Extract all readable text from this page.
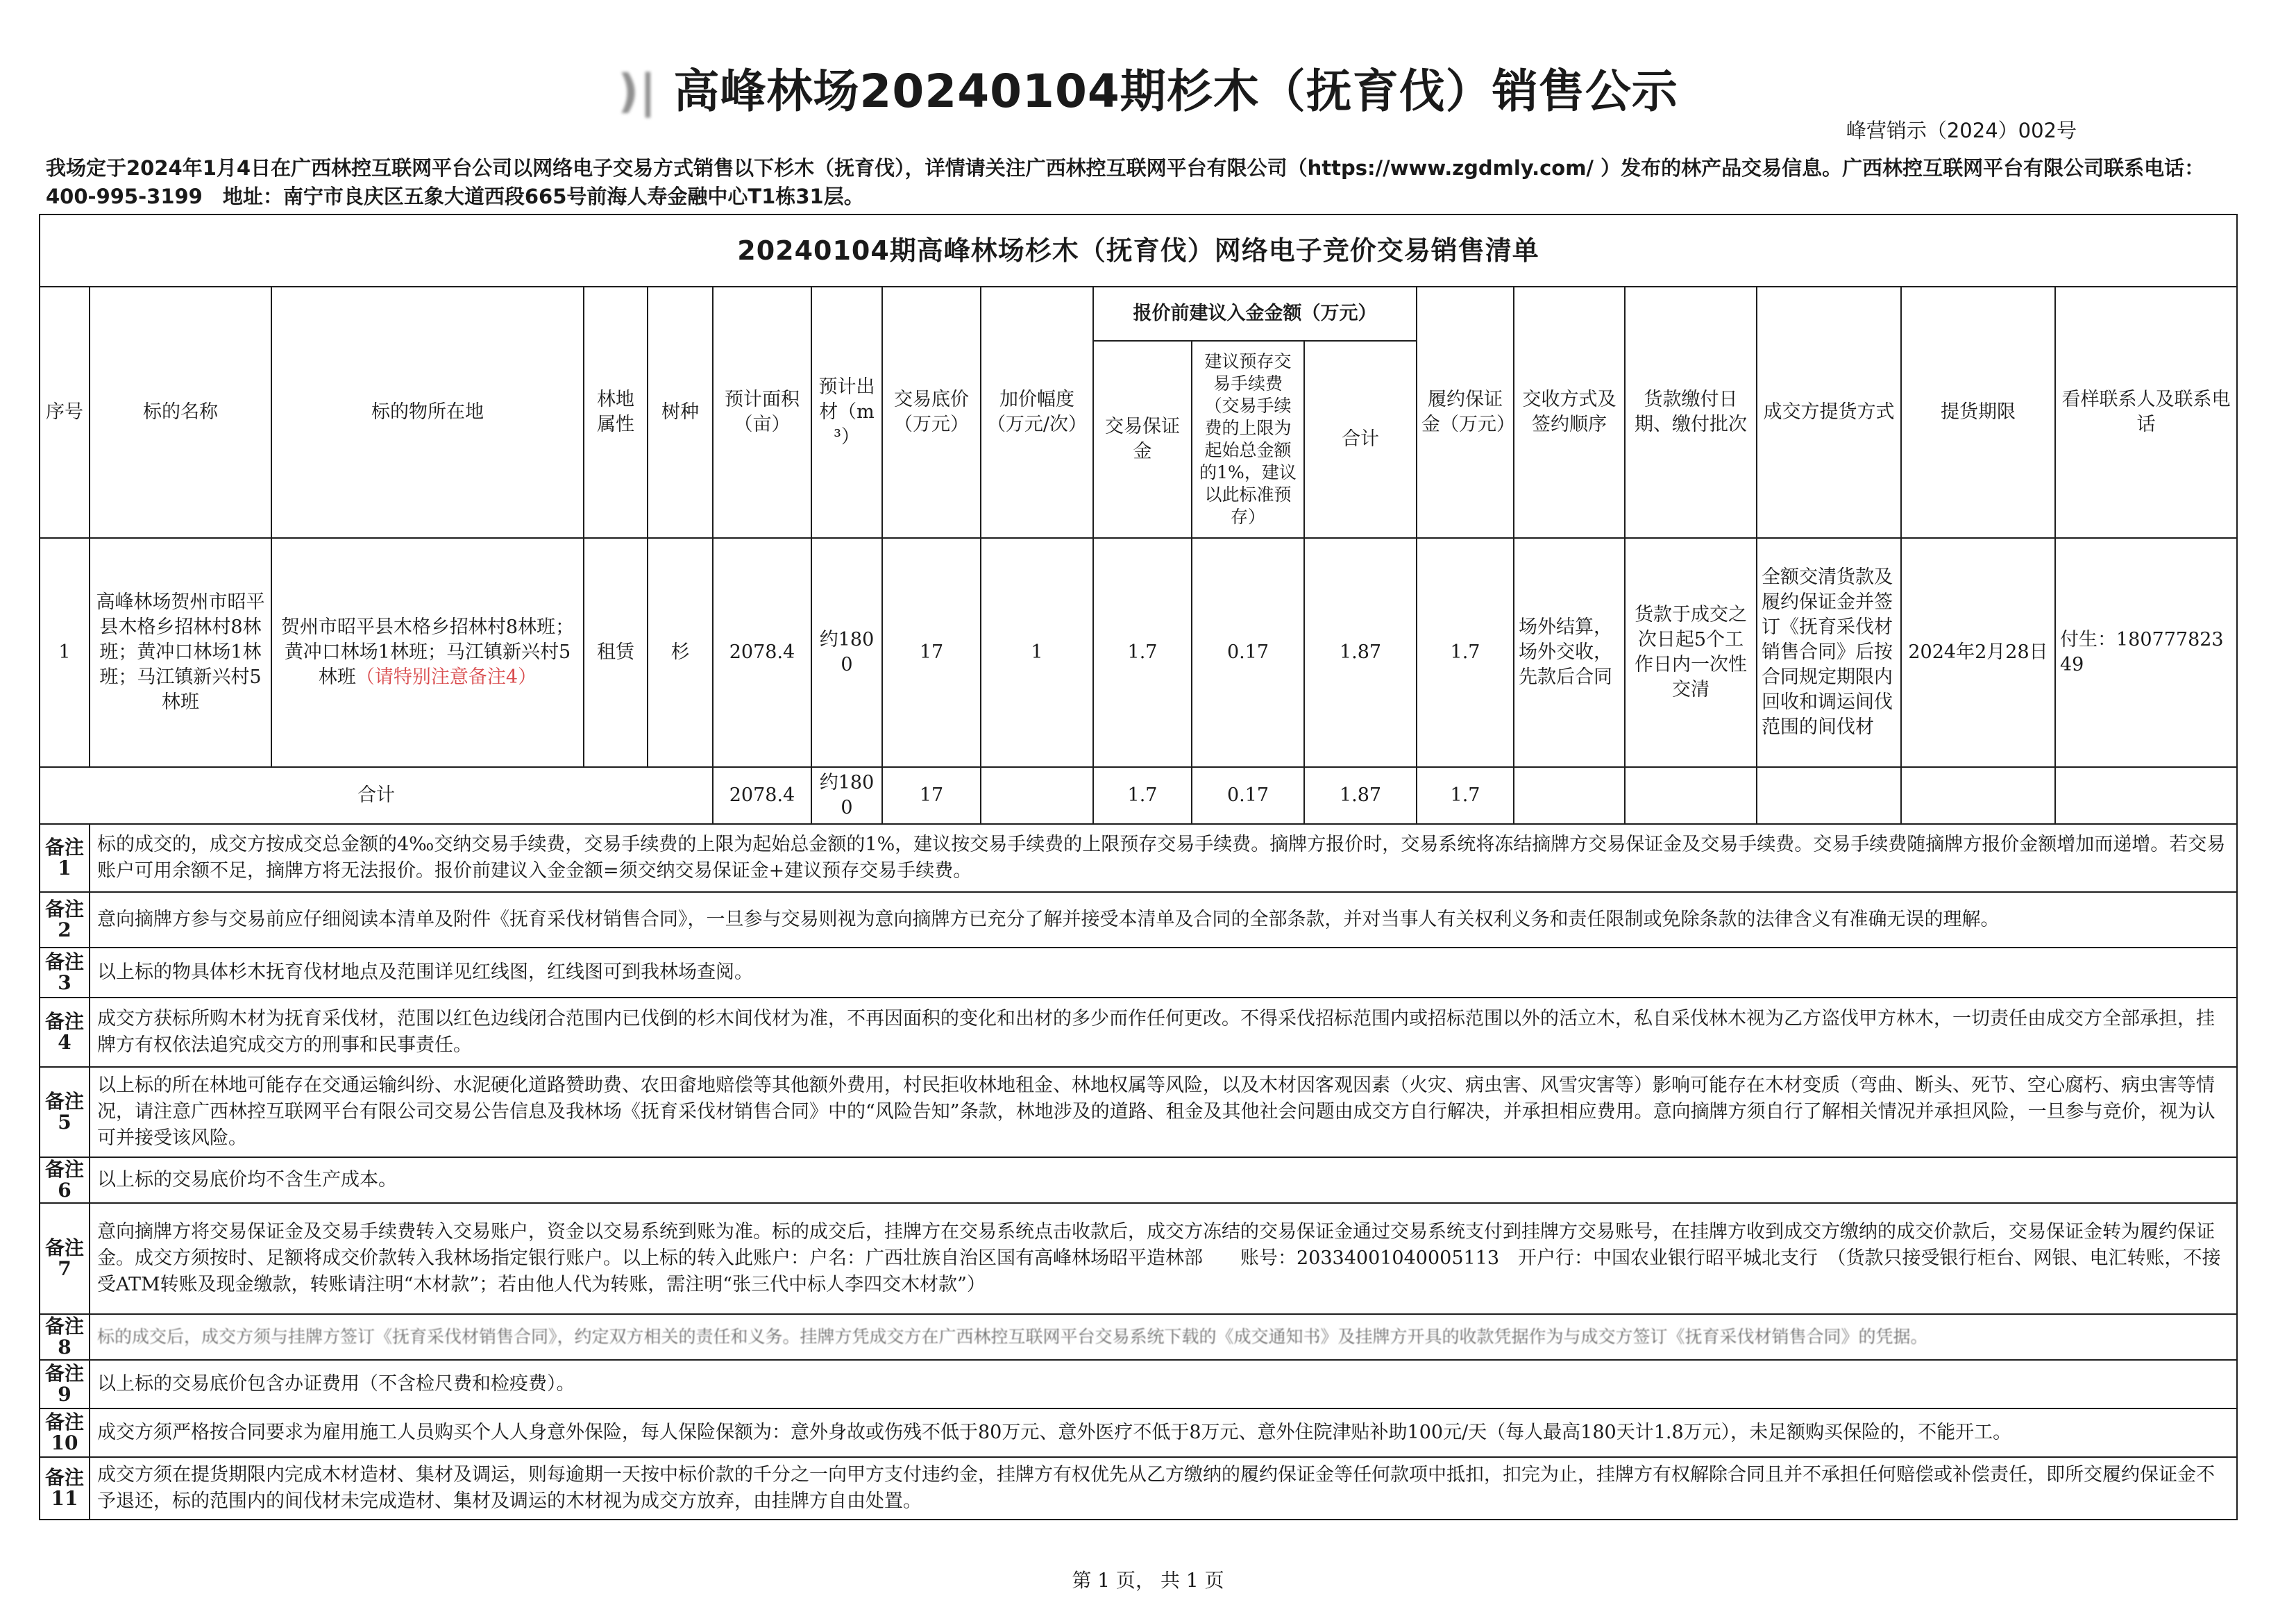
)| 高峰林场20240104期杉木（抚育伐）销售公示
峰营销示（2024）002号
我场定于2024年1月4日在广西林控互联网平台公司以网络电子交易方式销售以下杉木（抚育伐），详情请关注广西林控互联网平台有限公司（https://www.zgdmly.com/ ）发布的林产品交易信息。广西林控互联网平台有限公司联系电话：400-995-3199　地址：南宁市良庆区五象大道西段665号前海人寿金融中心T1栋31层。
20240104期高峰林场杉木（抚育伐）网络电子竞价交易销售清单																	
序号	标的名称	标的物所在地	林地属性	树种	预计面积（亩）	预计出材（m³）	交易底价（万元）	加价幅度（万元/次）	报价前建议入金金额（万元）			履约保证金（万元）	交收方式及签约顺序	货款缴付日期、缴付批次	成交方提货方式	提货期限	看样联系人及联系电话
									交易保证金	建议预存交易手续费（交易手续费的上限为起始总金额的1%，建议以此标准预存）	合计						
1	高峰林场贺州市昭平县木格乡招林村8林班；黄冲口林场1林班；马江镇新兴村5林班	贺州市昭平县木格乡招林村8林班；黄冲口林场1林班；马江镇新兴村5林班（请特别注意备注4）	租赁	杉	2078.4	约1800	17	1	1.7	0.17	1.87	1.7	场外结算，场外交收，先款后合同	货款于成交之次日起5个工作日内一次性交清	全额交清货款及履约保证金并签订《抚育采伐材销售合同》后按合同规定期限内回收和调运间伐范围的间伐材	2024年2月28日	付生：18077782349
合计					2078.4	约1800	17		1.7	0.17	1.87	1.7					
备注1	标的成交的，成交方按成交总金额的4‰交纳交易手续费，交易手续费的上限为起始总金额的1%，建议按交易手续费的上限预存交易手续费。摘牌方报价时，交易系统将冻结摘牌方交易保证金及交易手续费。交易手续费随摘牌方报价金额增加而递增。若交易账户可用余额不足，摘牌方将无法报价。报价前建议入金金额=须交纳交易保证金+建议预存交易手续费。																
备注2	意向摘牌方参与交易前应仔细阅读本清单及附件《抚育采伐材销售合同》，一旦参与交易则视为意向摘牌方已充分了解并接受本清单及合同的全部条款，并对当事人有关权利义务和责任限制或免除条款的法律含义有准确无误的理解。																
备注3	以上标的物具体杉木抚育伐材地点及范围详见红线图，红线图可到我林场查阅。																
备注4	成交方获标所购木材为抚育采伐材，范围以红色边线闭合范围内已伐倒的杉木间伐材为准，不再因面积的变化和出材的多少而作任何更改。不得采伐招标范围内或招标范围以外的活立木，私自采伐林木视为乙方盗伐甲方林木，一切责任由成交方全部承担，挂牌方有权依法追究成交方的刑事和民事责任。																
备注5	以上标的所在林地可能存在交通运输纠纷、水泥硬化道路赞助费、农田畲地赔偿等其他额外费用，村民拒收林地租金、林地权属等风险，以及木材因客观因素（火灾、病虫害、风雪灾害等）影响可能存在木材变质（弯曲、断头、死节、空心腐朽、病虫害等情况，请注意广西林控互联网平台有限公司交易公告信息及我林场《抚育采伐材销售合同》中的“风险告知”条款，林地涉及的道路、租金及其他社会问题由成交方自行解决，并承担相应费用。意向摘牌方须自行了解相关情况并承担风险，一旦参与竞价，视为认可并接受该风险。																
备注6	以上标的交易底价均不含生产成本。																
备注7	意向摘牌方将交易保证金及交易手续费转入交易账户，资金以交易系统到账为准。标的成交后，挂牌方在交易系统点击收款后，成交方冻结的交易保证金通过交易系统支付到挂牌方交易账号，在挂牌方收到成交方缴纳的成交价款后，交易保证金转为履约保证金。成交方须按时、足额将成交价款转入我林场指定银行账户。以上标的转入此账户：户名：广西壮族自治区国有高峰林场昭平造林部　　账号：20334001040005113　开户行：中国农业银行昭平城北支行　（货款只接受银行柜台、网银、电汇转账，不接受ATM转账及现金缴款，转账请注明“木材款”；若由他人代为转账，需注明“张三代中标人李四交木材款”）																
备注8	标的成交后，成交方须与挂牌方签订《抚育采伐材销售合同》，约定双方相关的责任和义务。挂牌方凭成交方在广西林控互联网平台交易系统下载的《成交通知书》及挂牌方开具的收款凭据作为与成交方签订《抚育采伐材销售合同》的凭据。																
备注9	以上标的交易底价包含办证费用（不含检尺费和检疫费）。																
备注10	成交方须严格按合同要求为雇用施工人员购买个人人身意外保险，每人保险保额为：意外身故或伤残不低于80万元、意外医疗不低于8万元、意外住院津贴补助100元/天（每人最高180天计1.8万元），未足额购买保险的，不能开工。																
备注11	成交方须在提货期限内完成木材造材、集材及调运，则每逾期一天按中标价款的千分之一向甲方支付违约金，挂牌方有权优先从乙方缴纳的履约保证金等任何款项中抵扣，扣完为止，挂牌方有权解除合同且并不承担任何赔偿或补偿责任，即所交履约保证金不予退还，标的范围内的间伐材未完成造材、集材及调运的木材视为成交方放弃，由挂牌方自由处置。																
第 1 页， 共 1 页
